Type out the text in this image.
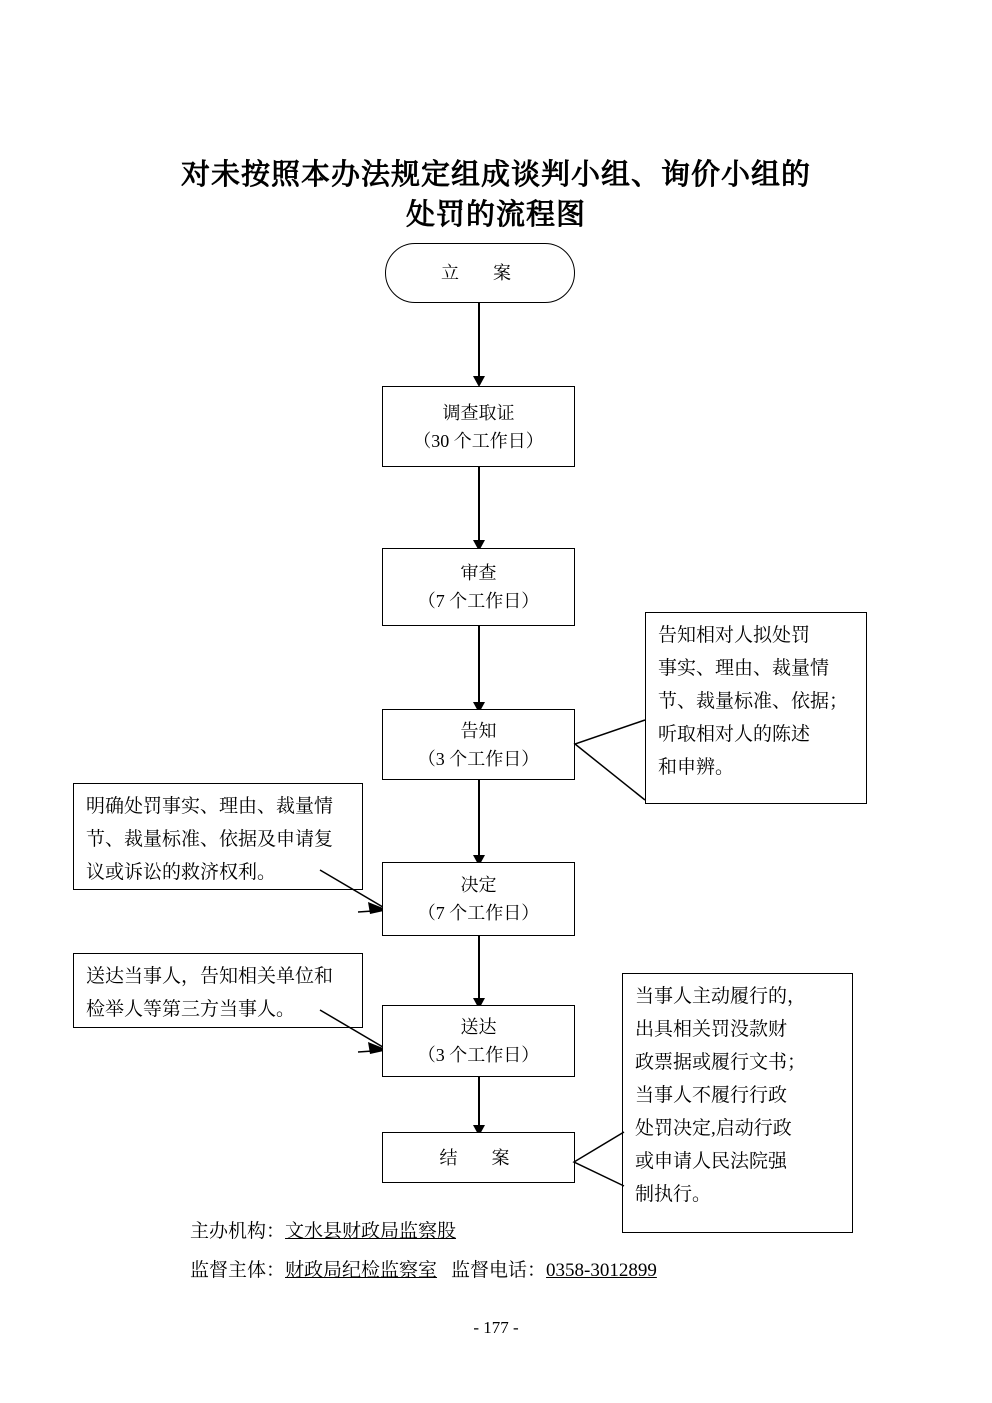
对未按照本办法规定组成谈判小组、询价小组的
处罚的流程图
立　案
调查取证
（30 个工作日）
审查
（7 个工作日）
告知
（3 个工作日）

告知相对人拟处罚

事实、理由、裁量情

节、裁量标准、依据；

听取相对人的陈述

和申辨。

明确处罚事实、理由、裁量情

节、裁量标准、依据及申请复

议或诉讼的救济权利。

决定
（7 个工作日）

送达当事人，告知相关单位和

检举人等第三方当事人。

送达
（3 个工作日）
结　案

当事人主动履行的，

出具相关罚没款财

政票据或履行文书；

当事人不履行行政

处罚决定,启动行政

或申请人民法院强

制执行。

主办机构：文水县财政局监察股
监督主体：财政局纪检监察室 监督电话：0358-3012899
- 177 -
